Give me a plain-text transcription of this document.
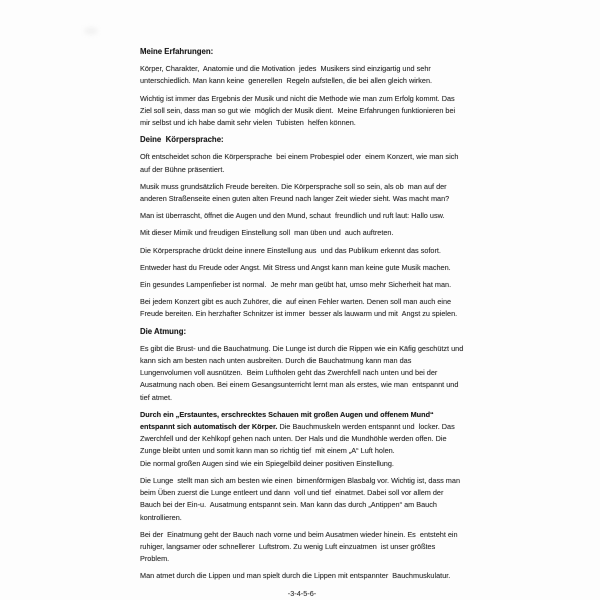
Meine Erfahrungen:

Körper, Charakter,  Anatomie und die Motivation  jedes  Musikers sind einzigartig und sehr unterschiedlich. Man kann keine  generellen  Regeln aufstellen, die bei allen gleich wirken.

Wichtig ist immer das Ergebnis der Musik und nicht die Methode wie man zum Erfolg kommt. Das Ziel soll sein, dass man so gut wie  möglich der Musik dient.  Meine Erfahrungen funktionieren bei mir selbst und ich habe damit sehr vielen  Tubisten  helfen können.

Deine  Körpersprache:

Oft entscheidet schon die Körpersprache  bei einem Probespiel oder  einem Konzert, wie man sich auf der Bühne präsentiert.

Musik muss grundsätzlich Freude bereiten. Die Körpersprache soll so sein, als ob  man auf der anderen Straßenseite einen guten alten Freund nach langer Zeit wieder sieht. Was macht man?

Man ist überrascht, öffnet die Augen und den Mund, schaut  freundlich und ruft laut: Hallo usw.

Mit dieser Mimik und freudigen Einstellung soll  man üben und  auch auftreten.

Die Körpersprache drückt deine innere Einstellung aus  und das Publikum erkennt das sofort.

Entweder hast du Freude oder Angst. Mit Stress und Angst kann man keine gute Musik machen.

Ein gesundes Lampenfieber ist normal.  Je mehr man geübt hat, umso mehr Sicherheit hat man.

Bei jedem Konzert gibt es auch Zuhörer, die  auf einen Fehler warten. Denen soll man auch eine Freude bereiten. Ein herzhafter Schnitzer ist immer  besser als lauwarm und mit  Angst zu spielen.

Die Atmung:

Es gibt die Brust- und die Bauchatmung. Die Lunge ist durch die Rippen wie ein Käfig geschützt und kann sich am besten nach unten ausbreiten. Durch die Bauchatmung kann man das Lungenvolumen voll ausnützen.  Beim Luftholen geht das Zwerchfell nach unten und bei der Ausatmung nach oben. Bei einem Gesangsunterricht lernt man als erstes, wie man  entspannt und tief atmet.

Durch ein „Erstauntes, erschrecktes Schauen mit großen Augen und offenem Mund“  entspannt sich automatisch der Körper. Die Bauchmuskeln werden entspannt und  locker. Das Zwerchfell und der Kehlkopf gehen nach unten. Der Hals und die Mundhöhle werden offen. Die Zunge bleibt unten und somit kann man so richtig tief  mit einem „A“ Luft holen.
Die normal großen Augen sind wie ein Spiegelbild deiner positiven Einstellung.

Die Lunge  stellt man sich am besten wie einen  birnenförmigen Blasbalg vor. Wichtig ist, dass man beim Üben zuerst die Lunge entleert und dann  voll und tief  einatmet. Dabei soll vor allem der Bauch bei der Ein-u.  Ausatmung entspannt sein. Man kann das durch „Antippen“ am Bauch kontrollieren.

Bei der  Einatmung geht der Bauch nach vorne und beim Ausatmen wieder hinein. Es  entsteht ein ruhiger, langsamer oder schnellerer  Luftstrom. Zu wenig Luft einzuatmen  ist unser größtes Problem.

Man atmet durch die Lippen und man spielt durch die Lippen mit entspannter  Bauchmuskulatur.

-3-4-5-6-
